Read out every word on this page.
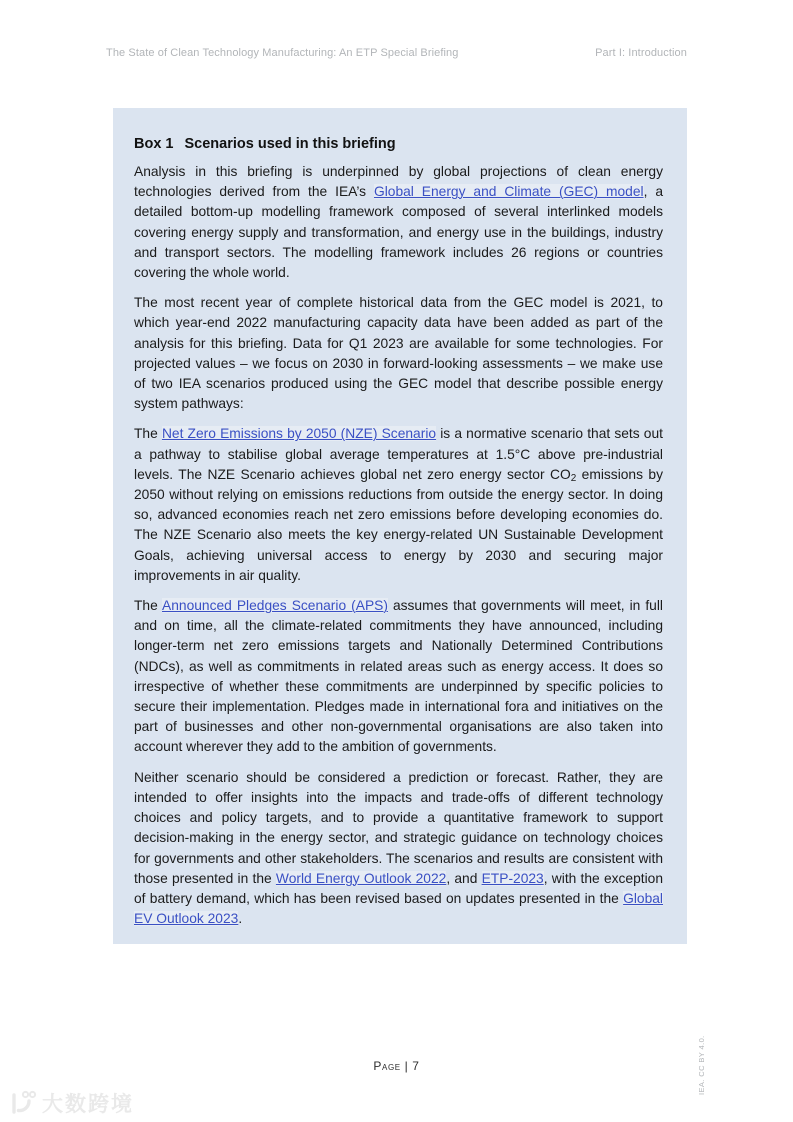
The State of Clean Technology Manufacturing: An ETP Special Briefing	Part I: Introduction
Box 1 Scenarios used in this briefing

Analysis in this briefing is underpinned by global projections of clean energy technologies derived from the IEA’s Global Energy and Climate (GEC) model, a detailed bottom-up modelling framework composed of several interlinked models covering energy supply and transformation, and energy use in the buildings, industry and transport sectors. The modelling framework includes 26 regions or countries covering the whole world.

The most recent year of complete historical data from the GEC model is 2021, to which year-end 2022 manufacturing capacity data have been added as part of the analysis for this briefing. Data for Q1 2023 are available for some technologies. For projected values – we focus on 2030 in forward-looking assessments – we make use of two IEA scenarios produced using the GEC model that describe possible energy system pathways:

The Net Zero Emissions by 2050 (NZE) Scenario is a normative scenario that sets out a pathway to stabilise global average temperatures at 1.5°C above pre-industrial levels. The NZE Scenario achieves global net zero energy sector $CO_2$ emissions by 2050 without relying on emissions reductions from outside the energy sector. In doing so, advanced economies reach net zero emissions before developing economies do. The NZE Scenario also meets the key energy-related UN Sustainable Development Goals, achieving universal access to energy by 2030 and securing major improvements in air quality.

The Announced Pledges Scenario (APS) assumes that governments will meet, in full and on time, all the climate-related commitments they have announced, including longer-term net zero emissions targets and Nationally Determined Contributions (NDCs), as well as commitments in related areas such as energy access. It does so irrespective of whether these commitments are underpinned by specific policies to secure their implementation. Pledges made in international fora and initiatives on the part of businesses and other non-governmental organisations are also taken into account wherever they add to the ambition of governments.

Neither scenario should be considered a prediction or forecast. Rather, they are intended to offer insights into the impacts and trade-offs of different technology choices and policy targets, and to provide a quantitative framework to support decision-making in the energy sector, and strategic guidance on technology choices for governments and other stakeholders. The scenarios and results are consistent with those presented in the World Energy Outlook 2022, and ETP-2023, with the exception of battery demand, which has been revised based on updates presented in the Global EV Outlook 2023.

Page | 7	IEA. CC BY 4.0.
大数跨境
